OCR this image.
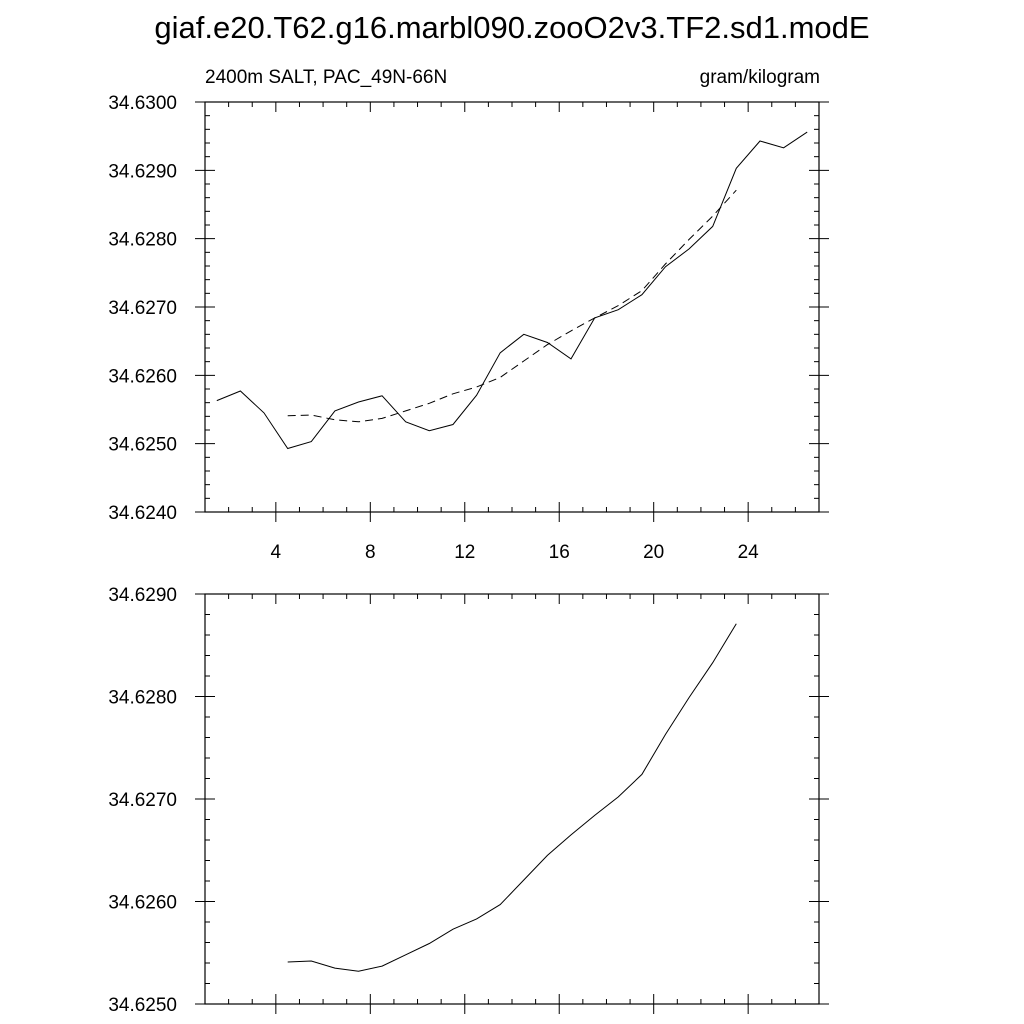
giaf.e20.T62.g16.marbl090.zooO2v3.TF2.sd1.modE
2400m SALT, PAC_49N-66N	gram/kilogram
4	8	12	16	20	24
34.6240
34.6250
34.6260
34.6270
34.6280
34.6290
34.6300
34.6250
34.6260
34.6270
34.6280
34.6290
